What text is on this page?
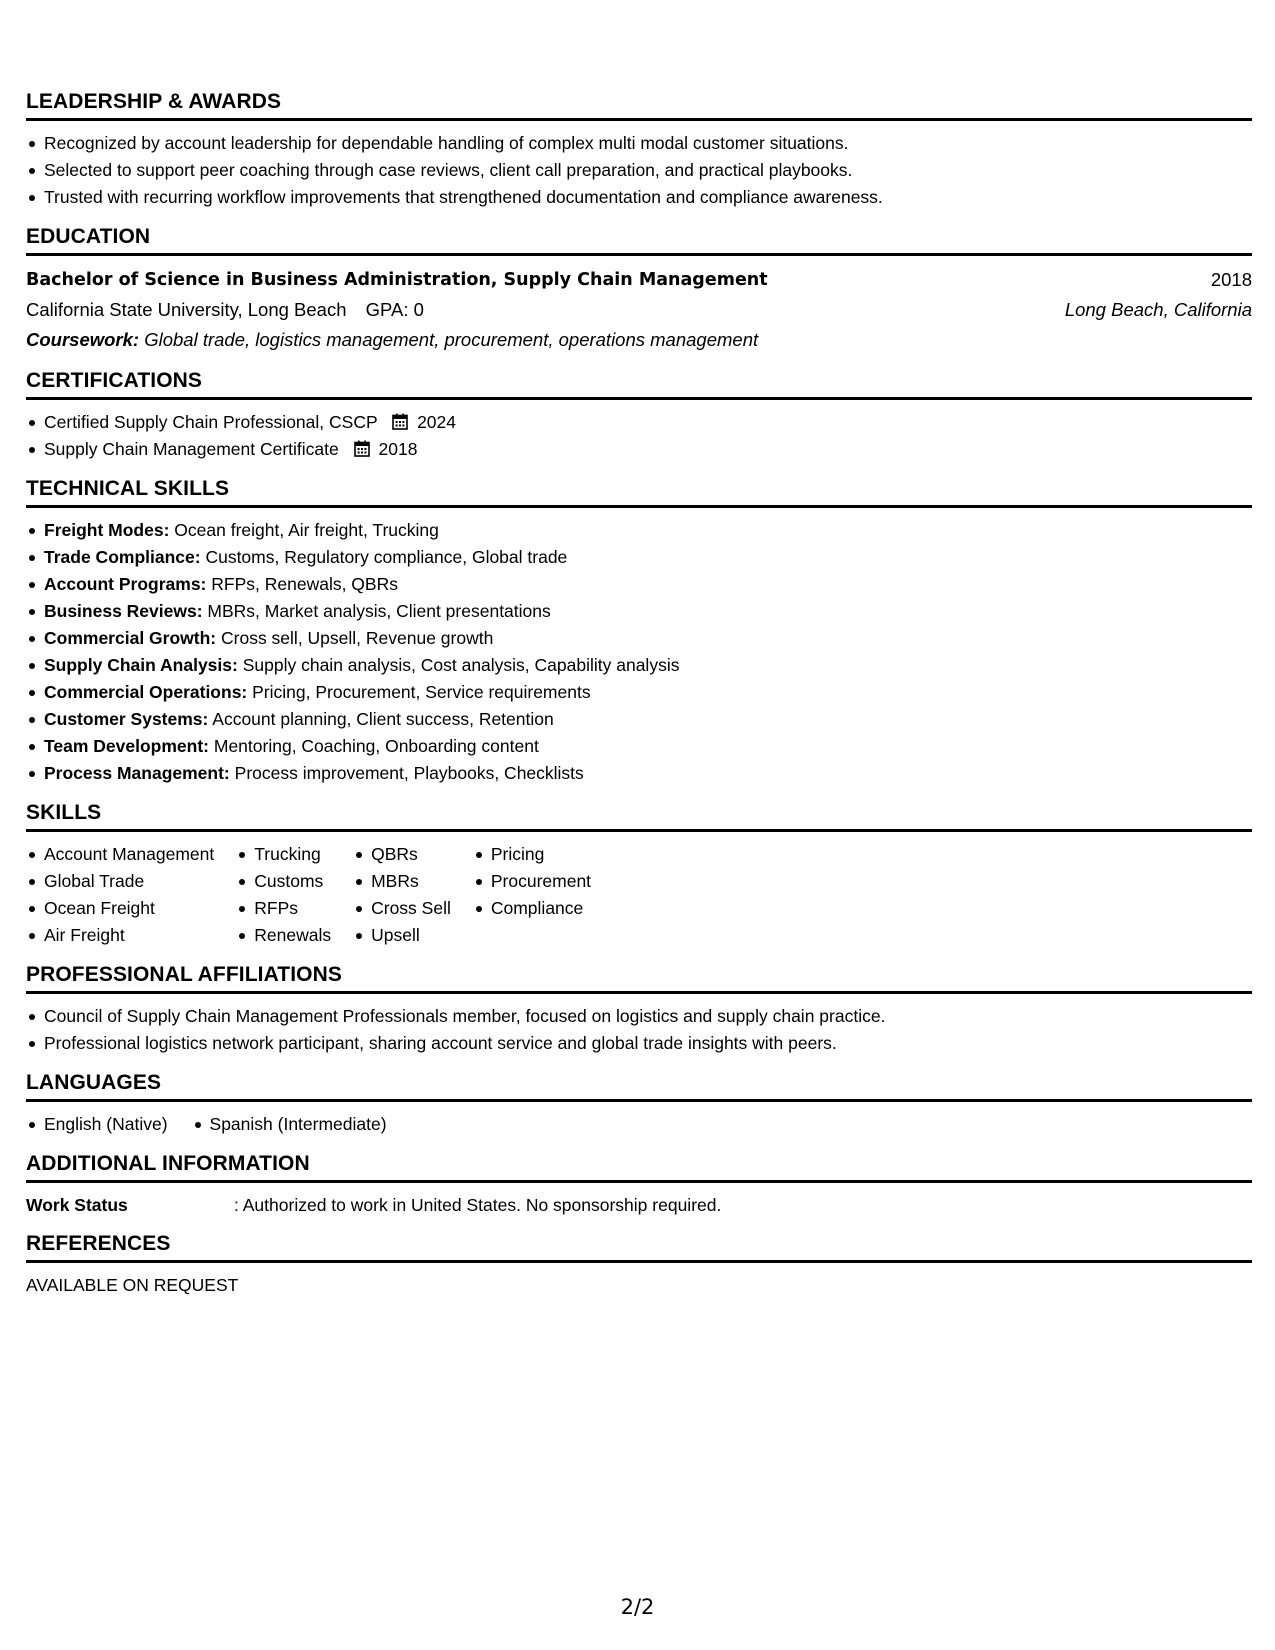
LEADERSHIP & AWARDS
Recognized by account leadership for dependable handling of complex multi modal customer situations.
Selected to support peer coaching through case reviews, client call preparation, and practical playbooks.
Trusted with recurring workflow improvements that strengthened documentation and compliance awareness.
EDUCATION
Bachelor of Science in Business Administration, Supply Chain Management	2018
California State University, Long Beach GPA: 0	Long Beach, California
Coursework: Global trade, logistics management, procurement, operations management
CERTIFICATIONS
Certified Supply Chain Professional, CSCP 2024
Supply Chain Management Certificate 2018
TECHNICAL SKILLS
Freight Modes: Ocean freight, Air freight, Trucking
Trade Compliance: Customs, Regulatory compliance, Global trade
Account Programs: RFPs, Renewals, QBRs
Business Reviews: MBRs, Market analysis, Client presentations
Commercial Growth: Cross sell, Upsell, Revenue growth
Supply Chain Analysis: Supply chain analysis, Cost analysis, Capability analysis
Commercial Operations: Pricing, Procurement, Service requirements
Customer Systems: Account planning, Client success, Retention
Team Development: Mentoring, Coaching, Onboarding content
Process Management: Process improvement, Playbooks, Checklists
SKILLS
Account Management
Global Trade
Ocean Freight
Air Freight
Trucking
Customs
RFPs
Renewals
QBRs
MBRs
Cross Sell
Upsell
Pricing
Procurement
Compliance
PROFESSIONAL AFFILIATIONS
Council of Supply Chain Management Professionals member, focused on logistics and supply chain practice.
Professional logistics network participant, sharing account service and global trade insights with peers.
LANGUAGES
English (Native) Spanish (Intermediate)
ADDITIONAL INFORMATION
Work Status	: Authorized to work in United States. No sponsorship required.
REFERENCES
AVAILABLE ON REQUEST
2/2
